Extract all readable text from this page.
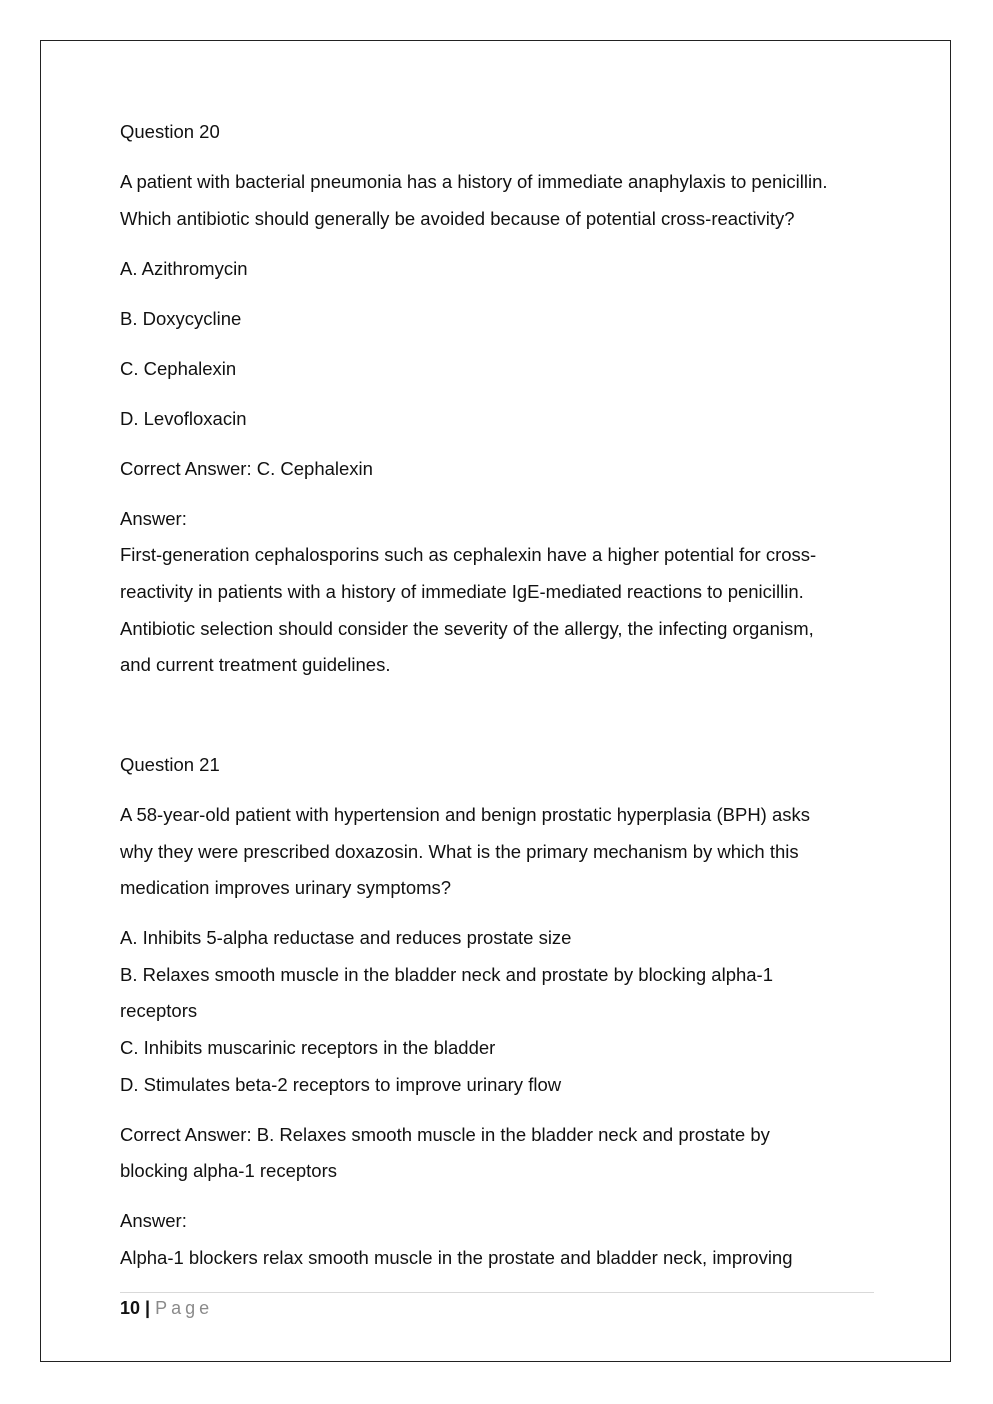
Question 20

A patient with bacterial pneumonia has a history of immediate anaphylaxis to penicillin.

Which antibiotic should generally be avoided because of potential cross-reactivity?

A. Azithromycin

B. Doxycycline

C. Cephalexin

D. Levofloxacin

Correct Answer: C. Cephalexin

Answer:

First-generation cephalosporins such as cephalexin have a higher potential for cross-

reactivity in patients with a history of immediate IgE-mediated reactions to penicillin.

Antibiotic selection should consider the severity of the allergy, the infecting organism,

and current treatment guidelines.

Question 21

A 58-year-old patient with hypertension and benign prostatic hyperplasia (BPH) asks

why they were prescribed doxazosin. What is the primary mechanism by which this

medication improves urinary symptoms?

A. Inhibits 5-alpha reductase and reduces prostate size

B. Relaxes smooth muscle in the bladder neck and prostate by blocking alpha-1

receptors

C. Inhibits muscarinic receptors in the bladder

D. Stimulates beta-2 receptors to improve urinary flow

Correct Answer: B. Relaxes smooth muscle in the bladder neck and prostate by

blocking alpha-1 receptors

Answer:

Alpha-1 blockers relax smooth muscle in the prostate and bladder neck, improving

10 | Page
